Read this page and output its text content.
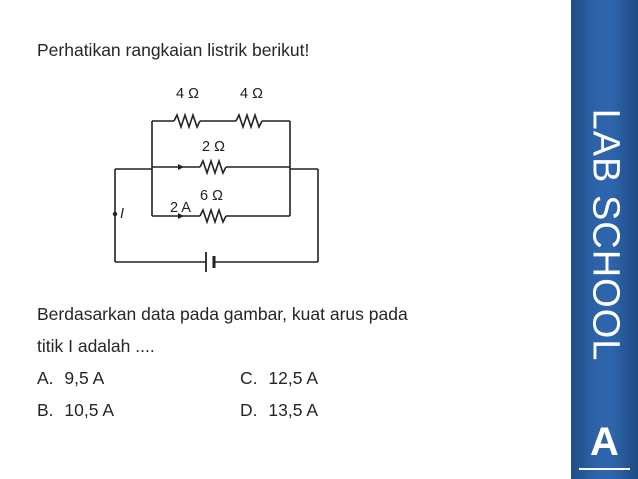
Perhatikan rangkaian listrik berikut!
4 Ω	4 Ω
2 Ω
6 Ω
2 A
I
Berdasarkan data pada gambar, kuat arus pada
titik I adalah ....
A. 9,5 A	C. 12,5 A
B. 10,5 A	D. 13,5 A
LAB SCHOOL
A
